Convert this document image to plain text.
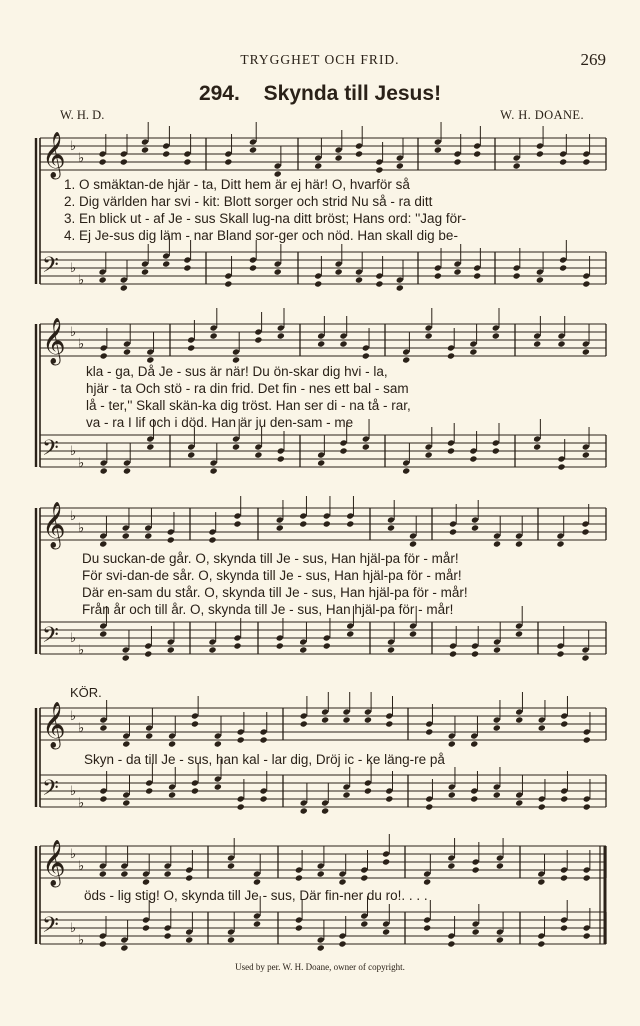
TRYGGHET OCH FRID.	269
294. Skynda till Jesus!
W. H. D.	W. H. DOANE.
𝄞 ♭
♭
𝄢 ♭
♭
𝄞 ♭
♭
𝄢 ♭
♭
𝄞 ♭
♭
𝄢 ♭
♭
𝄞 ♭
♭
𝄢 ♭
♭
𝄞 ♭
♭
𝄢 ♭
♭
1. O smäktan-de hjär - ta, Ditt hem är ej här! O, hvarför så
2. Dig världen har svi - kit: Blott sorger och strid Nu så - ra ditt
3. En blick ut - af Je - sus Skall lug-na ditt bröst; Hans ord: ''Jag för-
4. Ej Je-sus dig läm - nar Bland sor-ger och nöd. Han skall dig be-
kla - ga, Då Je - sus är när! Du ön-skar dig hvi - la,
hjär - ta Och stö - ra din frid. Det fin - nes ett bal - sam
lå - ter,'' Skall skän-ka dig tröst. Han ser di - na tå - rar,
va - ra I lif och i död. Han är ju den-sam - me
Du suckan-de går. O, skynda till Je - sus, Han hjäl-pa för - mår!
För svi-dan-de sår. O, skynda till Je - sus, Han hjäl-pa för - mår!
Där en-sam du står. O, skynda till Je - sus, Han hjäl-pa för - mår!
Från år och till år. O, skynda till Je - sus, Han hjäl-pa för - mår!
KÖR.
Skyn - da till Je - sus, han kal - lar dig, Dröj ic - ke läng-re på
öds - lig stig! O, skynda till Je - sus, Där fin-ner du ro!. . . .
Used by per. W. H. Doane, owner of copyright.
